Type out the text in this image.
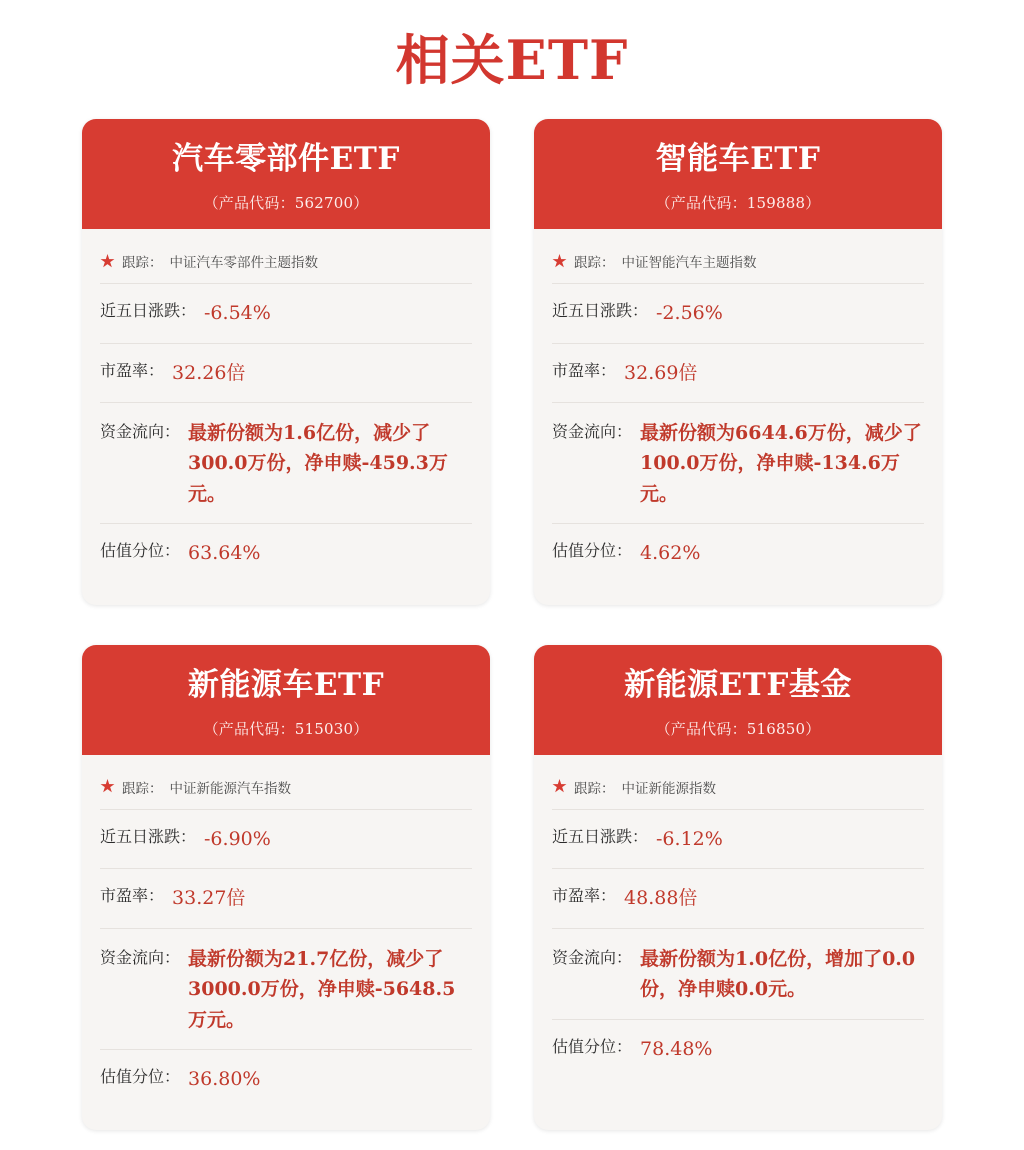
相关ETF
汽车零部件ETF
（产品代码：562700）
★ 跟踪： 中证汽车零部件主题指数
近五日涨跌： -6.54%
市盈率： 32.26倍
资金流向： 最新份额为1.6亿份，减少了300.0万份，净申赎-459.3万元。
估值分位： 63.64%
智能车ETF
（产品代码：159888）
★ 跟踪： 中证智能汽车主题指数
近五日涨跌： -2.56%
市盈率： 32.69倍
资金流向： 最新份额为6644.6万份，减少了100.0万份，净申赎-134.6万元。
估值分位： 4.62%
新能源车ETF
（产品代码：515030）
★ 跟踪： 中证新能源汽车指数
近五日涨跌： -6.90%
市盈率： 33.27倍
资金流向： 最新份额为21.7亿份，减少了3000.0万份，净申赎-5648.5万元。
估值分位： 36.80%
新能源ETF基金
（产品代码：516850）
★ 跟踪： 中证新能源指数
近五日涨跌： -6.12%
市盈率： 48.88倍
资金流向： 最新份额为1.0亿份，增加了0.0份，净申赎0.0元。
估值分位： 78.48%
